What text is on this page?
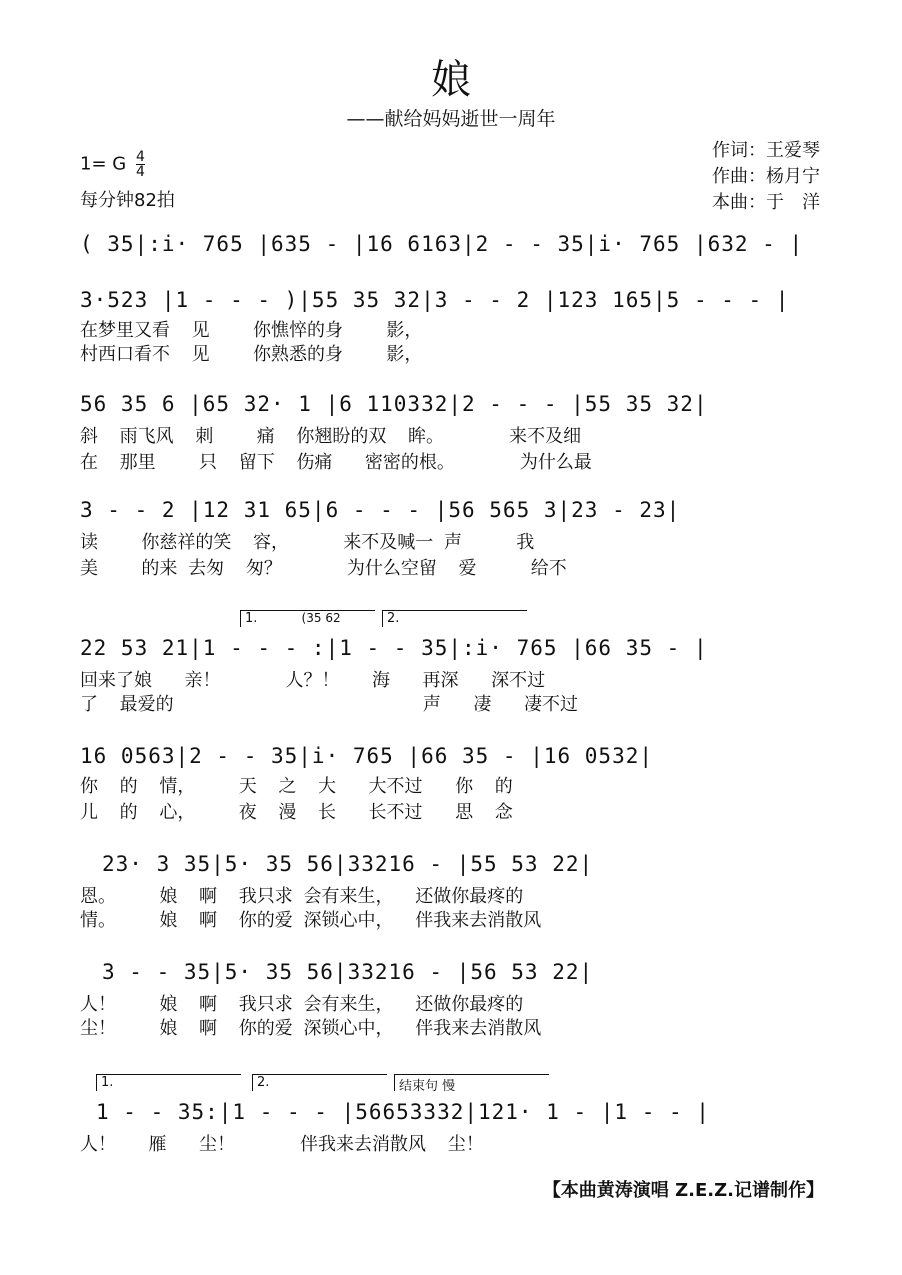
娘
——献给妈妈逝世一周年
1= G $\frac{4}{4}$
每分钟82拍
作词：王爱琴
作曲：杨月宁
本曲：于　洋
( 35|:i· 765 |635 - |16 6163|2 - - 35|i· 765 |632 - |
3·523 |1 - - - )|55 35 32|3 - - 2 |123 165|5 - - - |
在梦里又看  见    你憔悴的身    影，
村西口看不  见    你熟悉的身    影，
56 35 6 |65 32· 1 |6 110332|2 - - - |55 35 32|
斜  雨飞风  刺    痛  你翘盼的双  眸。      来不及细
在  那里    只  留下  伤痛   密密的根。      为什么最
3 - - 2 |12 31 65|6 - - - |56 565 3|23 - 23|
读    你慈祥的笑  容，     来不及喊一 声     我
美    的来 去匆  匆？      为什么空留  爱     给不
1.	(35 62	2.
22 53 21|1 - - - :|1 - - 35|:i· 765 |66 35 - |
回来了娘   亲！      人？！   海   再深   深不过
了  最爱的                       声   凄   凄不过
16 0563|2 - - 35|i· 765 |66 35 - |16 0532|
你  的  情，    天  之  大   大不过   你  的
儿  的  心，    夜  漫  长   长不过   思  念
23· 3 35|5· 35 56|33216 - |55 53 22|
恩。    娘  啊  我只求 会有来生，  还做你最疼的
情。    娘  啊  你的爱 深锁心中，  伴我来去消散风
3 - - 35|5· 35 56|33216 - |56 53 22|
人！    娘  啊  我只求 会有来生，  还做你最疼的
尘！    娘  啊  你的爱 深锁心中，  伴我来去消散风
1.	2.	结束句 慢
1 - - 35:|1 - - - |56653332|121· 1 - |1 - - |
人！   雁   尘！      伴我来去消散风  尘！
【本曲黄涛演唱 Z.E.Z.记谱制作】
